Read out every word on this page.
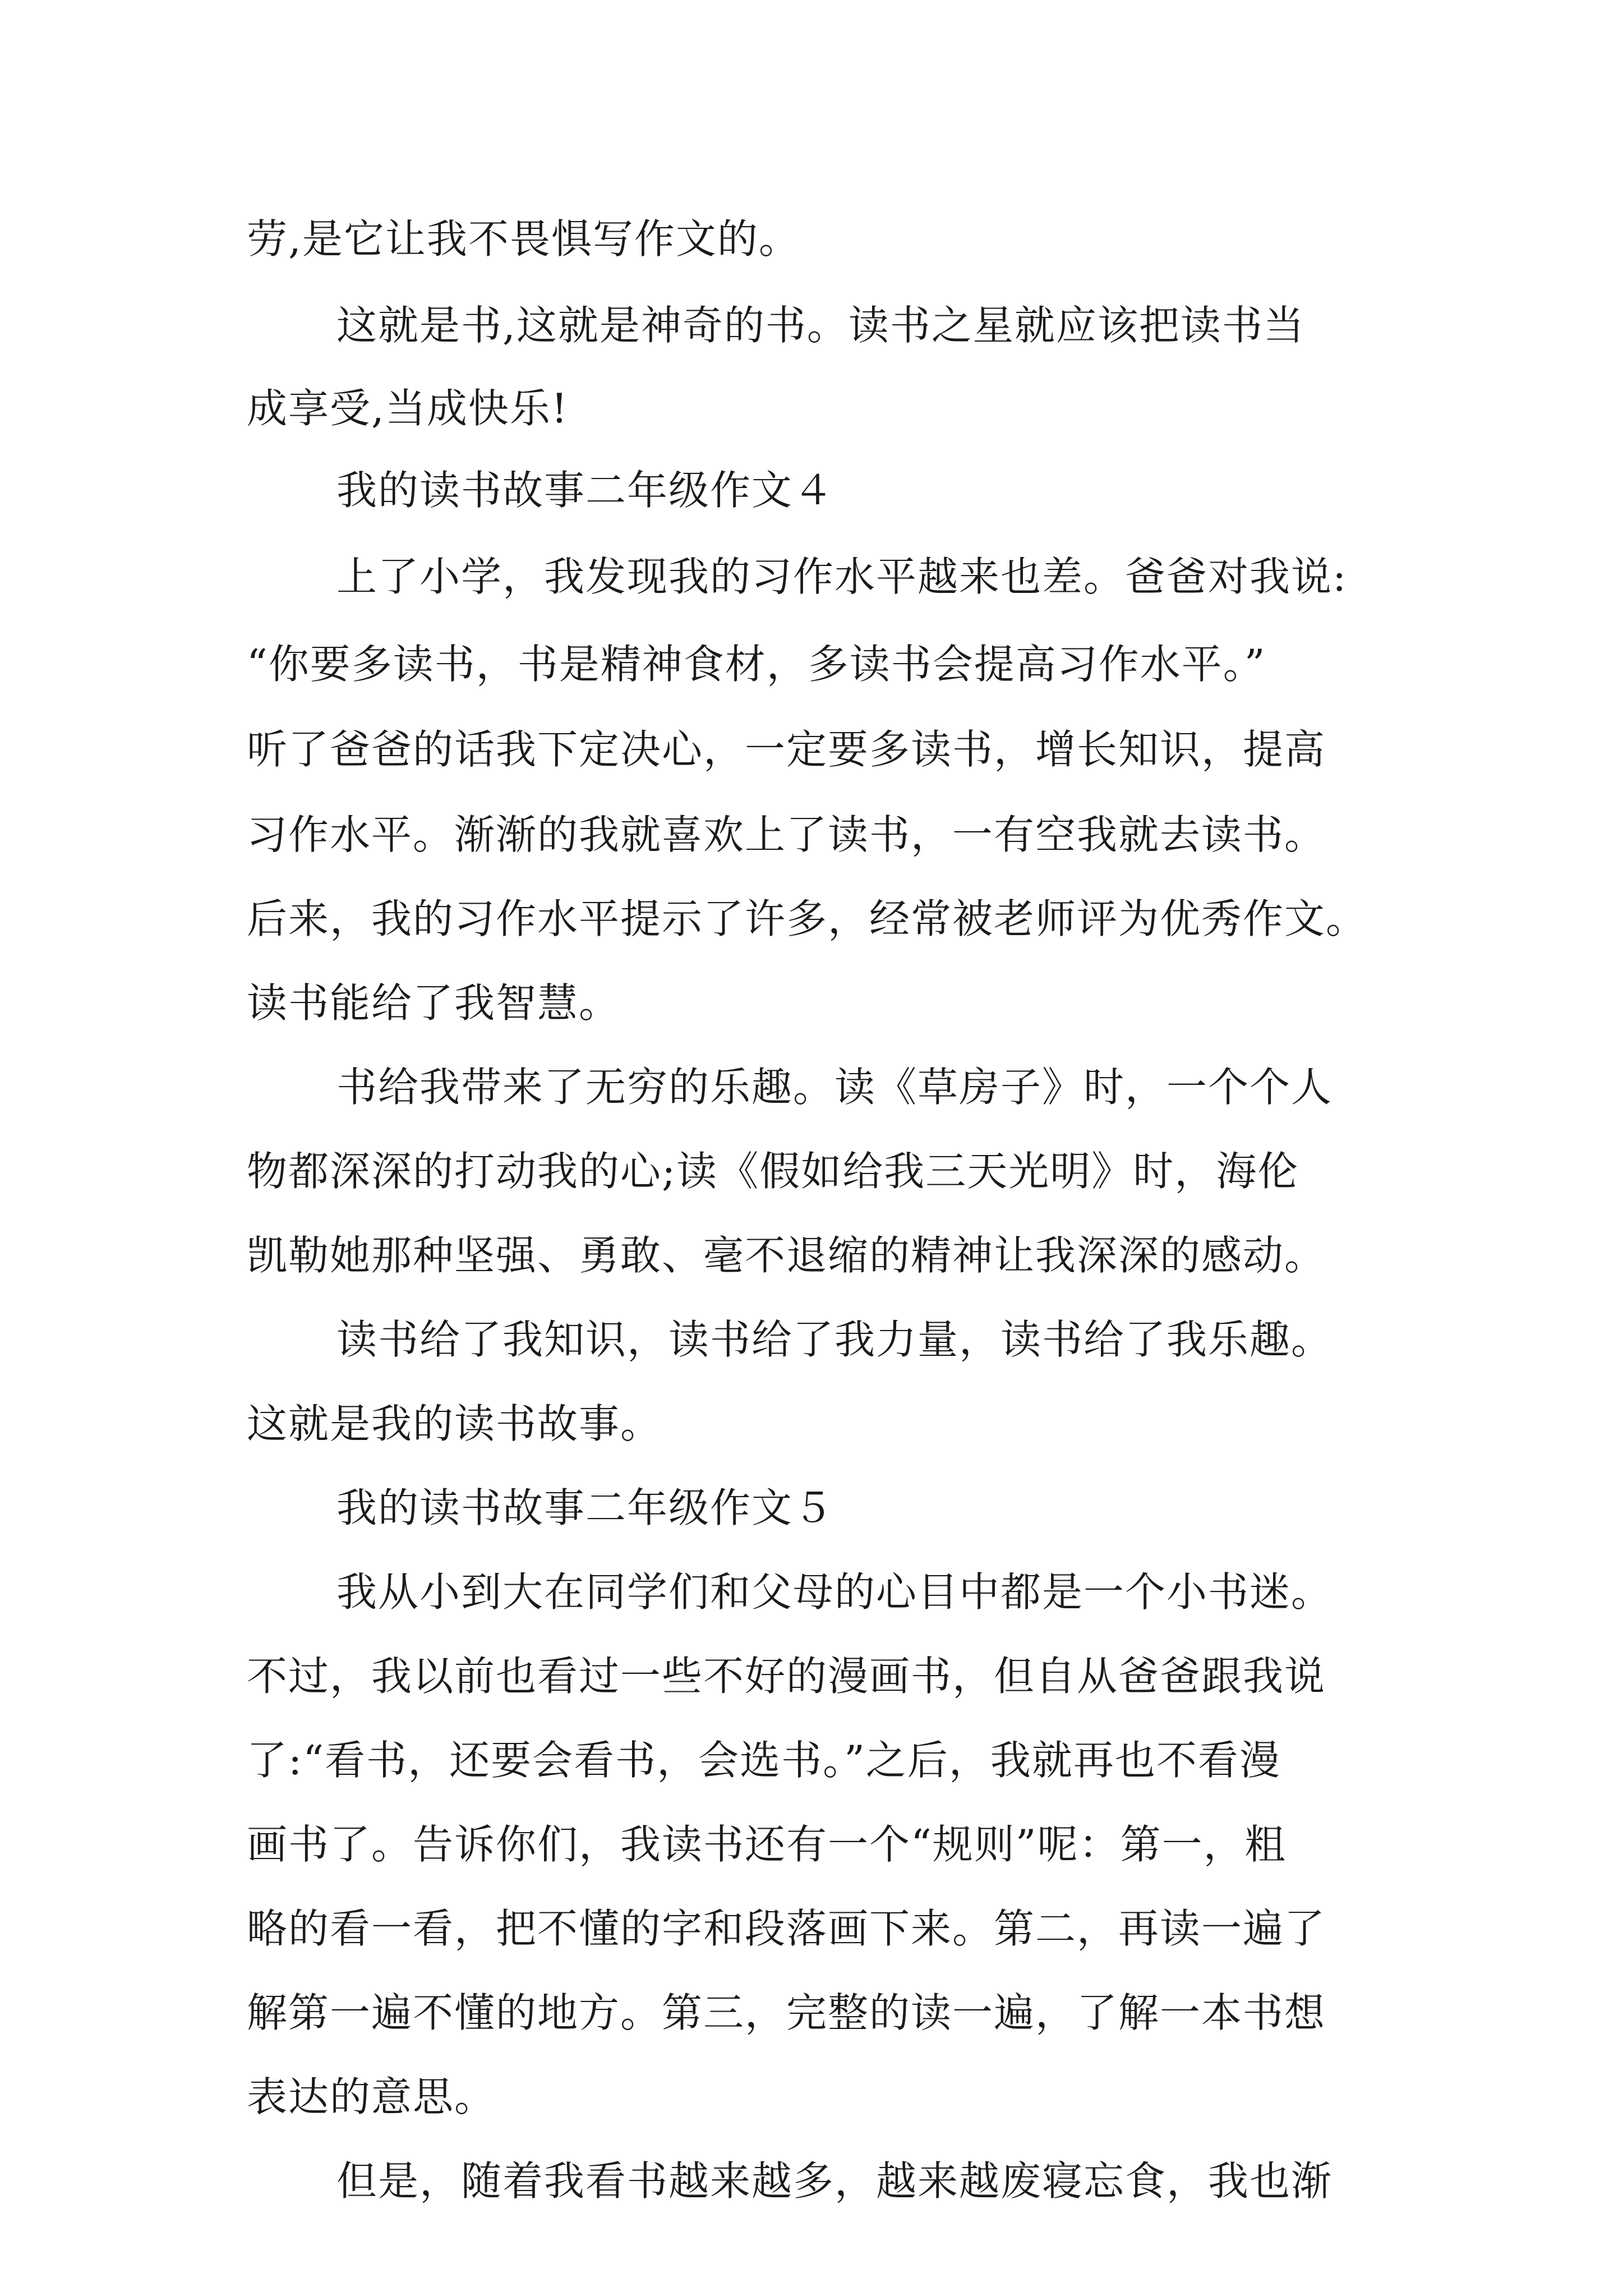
劳,是它让我不畏惧写作文的。
这就是书,这就是神奇的书。读书之星就应该把读书当
成享受,当成快乐!
我的读书故事二年级作文４
上了小学，我发现我的习作水平越来也差。爸爸对我说:
“你要多读书，书是精神食材，多读书会提高习作水平。”
听了爸爸的话我下定决心，一定要多读书，增长知识，提高
习作水平。渐渐的我就喜欢上了读书，一有空我就去读书。
后来，我的习作水平提示了许多，经常被老师评为优秀作文。
读书能给了我智慧。
书给我带来了无穷的乐趣。读《草房子》时，一个个人
物都深深的打动我的心;读《假如给我三天光明》时，海伦
凯勒她那种坚强、勇敢、毫不退缩的精神让我深深的感动。
读书给了我知识，读书给了我力量，读书给了我乐趣。
这就是我的读书故事。
我的读书故事二年级作文５
我从小到大在同学们和父母的心目中都是一个小书迷。
不过，我以前也看过一些不好的漫画书，但自从爸爸跟我说
了:“看书，还要会看书，会选书。”之后，我就再也不看漫
画书了。告诉你们，我读书还有一个“规则”呢：第一，粗
略的看一看，把不懂的字和段落画下来。第二，再读一遍了
解第一遍不懂的地方。第三，完整的读一遍，了解一本书想
表达的意思。
但是，随着我看书越来越多，越来越废寝忘食，我也渐
